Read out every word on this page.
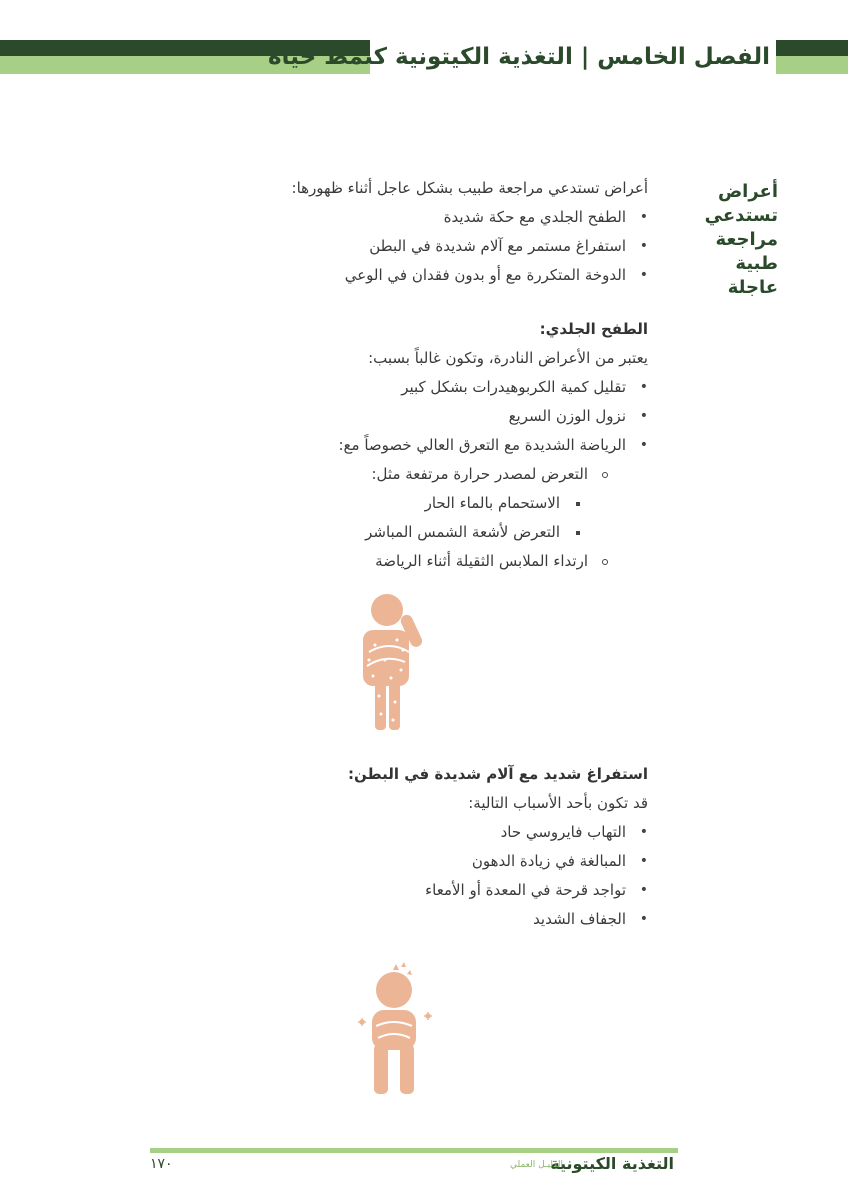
الفصل الخامس | التغذية الكيتونية كنمط حياة
أعراض
تستدعي
مراجعة طبية
عاجلة

أعراض تستدعي مراجعة طبيب بشكل عاجل أثناء ظهورها:

• الطفح الجلدي مع حكة شديدة
• استفراغ مستمر مع آلام شديدة في البطن
• الدوخة المتكررة مع أو بدون فقدان في الوعي

الطفح الجلدي:

يعتبر من الأعراض النادرة، وتكون غالباً بسبب:

• تقليل كمية الكربوهيدرات بشكل كبير
• نزول الوزن السريع
• الرياضة الشديدة مع التعرق العالي خصوصاً مع:
التعرض لمصدر حرارة مرتفعة مثل:
الاستحمام بالماء الحار
التعرض لأشعة الشمس المباشر
ارتداء الملابس الثقيلة أثناء الرياضة

استفراغ شديد مع آلام شديدة في البطن:

قد تكون بأحد الأسباب التالية:

• التهاب فايروسي حاد
• المبالغة في زيادة الدهون
• تواجد قرحة في المعدة أو الأمعاء
• الجفاف الشديد
التغذية الكيتونية
الدليـل العملي
١٧٠
